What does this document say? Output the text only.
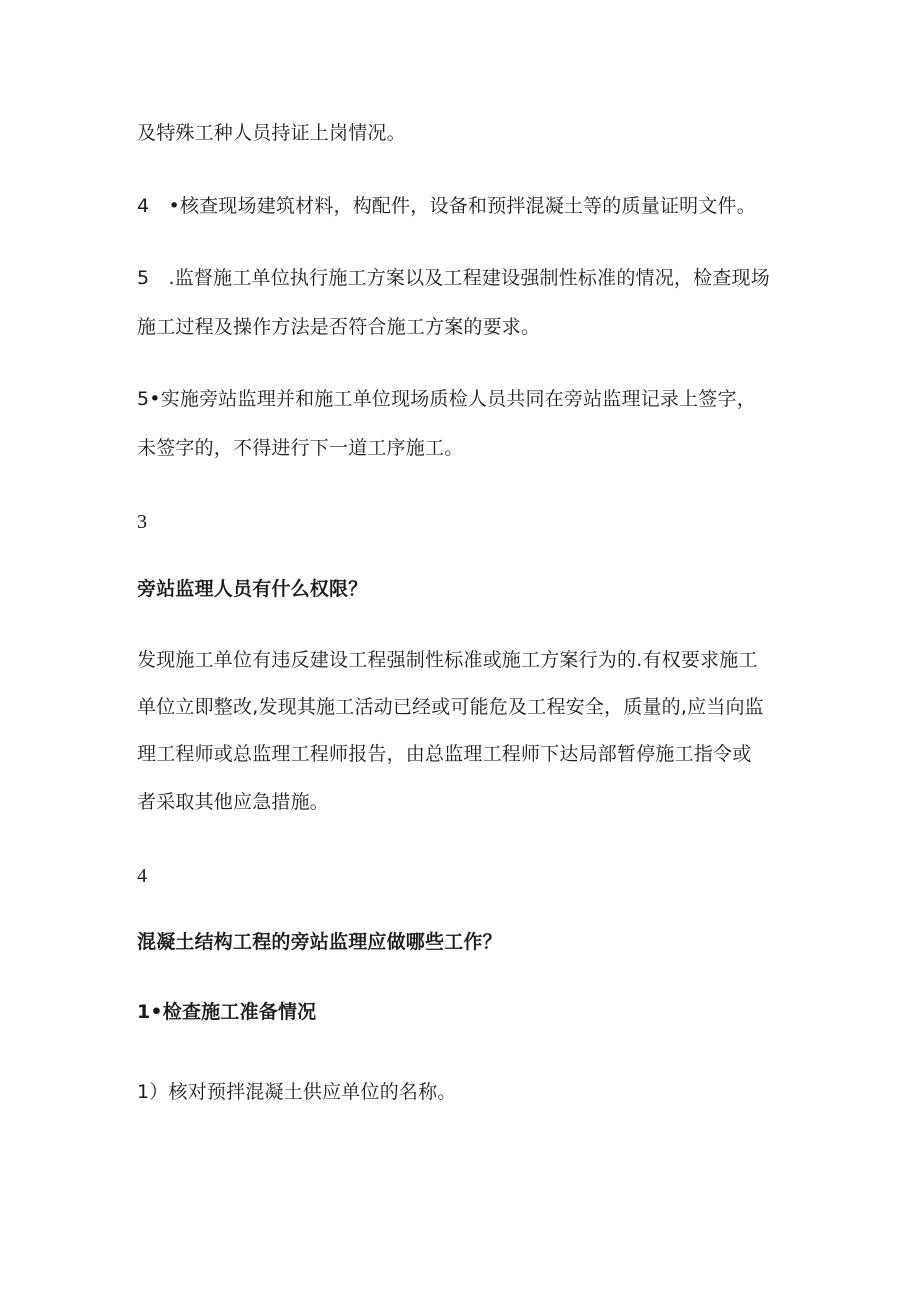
及特殊工种人员持证上岗情况。
4　•核查现场建筑材料，构配件，设备和预拌混凝土等的质量证明文件。
5　.监督施工单位执行施工方案以及工程建设强制性标准的情况，检查现场
施工过程及操作方法是否符合施工方案的要求。
5•实施旁站监理并和施工单位现场质检人员共同在旁站监理记录上签字，
未签字的，不得进行下一道工序施工。
3
旁站监理人员有什么权限？
发现施工单位有违反建设工程强制性标准或施工方案行为的.有权要求施工
单位立即整改,发现其施工活动已经或可能危及工程安全，质量的,应当向监
理工程师或总监理工程师报告，由总监理工程师下达局部暂停施工指令或
者采取其他应急措施。
4
混凝土结构工程的旁站监理应做哪些工作？
1•检查施工准备情况
1）核对预拌混凝土供应单位的名称。
